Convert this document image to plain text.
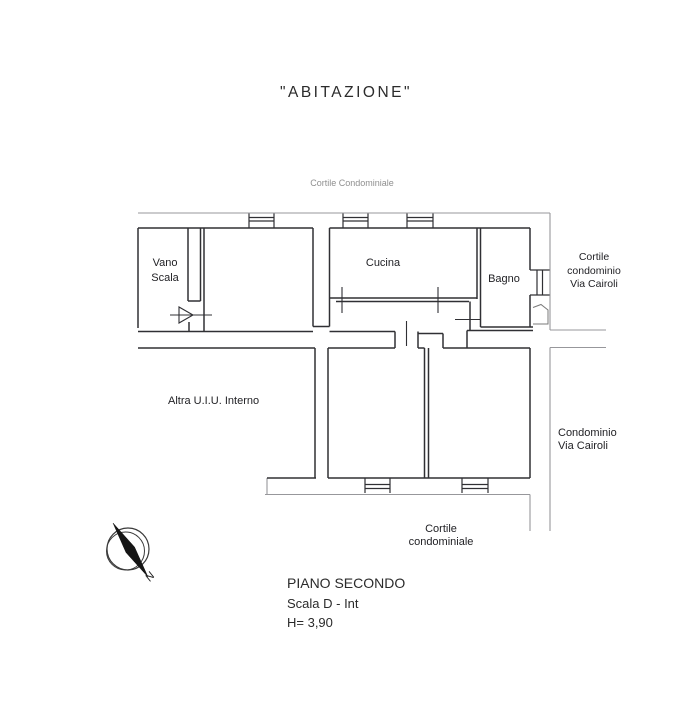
"ABITAZIONE"
Cortile Condominiale
Vano
Scala
Cucina
Bagno
Cortile
condominio
Via Cairoli
Altra U.I.U. Interno
Condominio
Via Cairoli
Cortile
condominiale
N	PIANO SECONDO
Scala D - Int
H= 3,90
